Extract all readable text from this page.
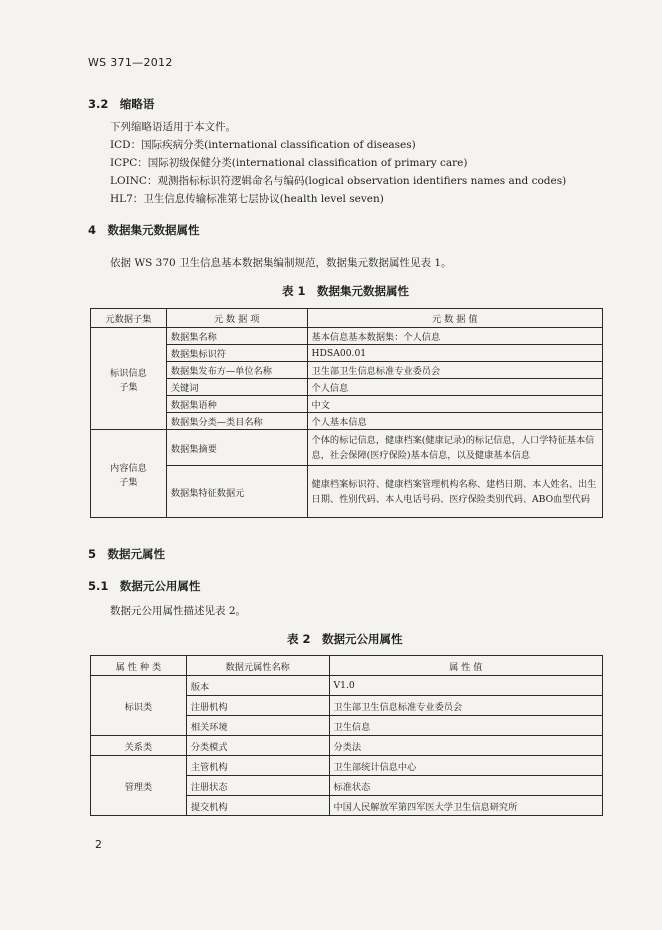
WS 371—2012
3.2　缩略语
下列缩略语适用于本文件。
ICD：国际疾病分类(international classification of diseases)
ICPC：国际初级保健分类(international classification of primary care)
LOINC：观测指标标识符逻辑命名与编码(logical observation identifiers names and codes)
HL7：卫生信息传输标准第七层协议(health level seven)
4　数据集元数据属性
依据 WS 370 卫生信息基本数据集编制规范，数据集元数据属性见表 1。
表 1　数据集元数据属性
元数据子集	元 数 据 项	元 数 据 值

标识信息
子集	数据集名称	基本信息基本数据集：个人信息
	数据集标识符	HDSA00.01
	数据集发布方—单位名称	卫生部卫生信息标准专业委员会
	关键词	个人信息
	数据集语种	中文
	数据集分类—类目名称	个人基本信息

内容信息
子集	数据集摘要	个体的标记信息，健康档案(健康记录)的标记信息，人口学特征基本信息，社会保障(医疗保险)基本信息，以及健康基本信息
	数据集特征数据元	健康档案标识符、健康档案管理机构名称、建档日期、本人姓名、出生日期、性别代码、本人电话号码、医疗保险类别代码、ABO血型代码
5　数据元属性
5.1　数据元公用属性
数据元公用属性描述见表 2。
表 2　数据元公用属性
属 性 种 类	数据元属性名称	属 性 值
标识类	版本	V1.0
	注册机构	卫生部卫生信息标准专业委员会
	相关环境	卫生信息
关系类	分类模式	分类法
管理类	主管机构	卫生部统计信息中心
	注册状态	标准状态
	提交机构	中国人民解放军第四军医大学卫生信息研究所
2
